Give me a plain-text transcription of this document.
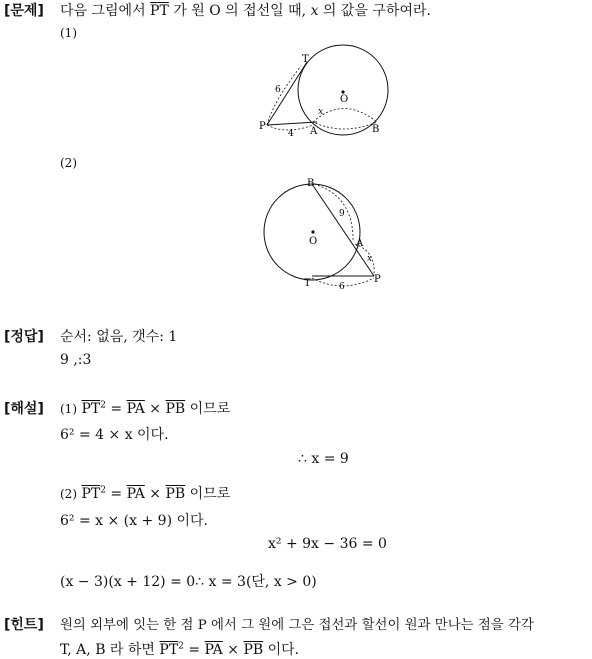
[문제] 다음 그림에서 $\overline{PT}$ 가 원 O 의 접선일 때, x 의 값을 구하여라.
(1)
T
O
P	A	B
6
4
x
(2)
B
O	A
T	P
9
x
6
[정답] 순서: 없음, 갯수: 1
9 ,:3
[해설] (1) $\overline{PT}^2 = \overline{PA} \times \overline{PB}$ 이므로
6² = 4 × x 이다.
∴ x = 9
(2) $\overline{PT}^2 = \overline{PA} \times \overline{PB}$ 이므로
6² = x × (x + 9) 이다.
x² + 9x − 36 = 0
(x − 3)(x + 12) = 0∴ x = 3(단, x > 0)
[힌트] 원의 외부에 잇는 한 점 P 에서 그 원에 그은 접선과 할선이 원과 만나는 점을 각각
T, A, B 라 하면 $\overline{PT}^2 = \overline{PA} \times \overline{PB}$ 이다.
